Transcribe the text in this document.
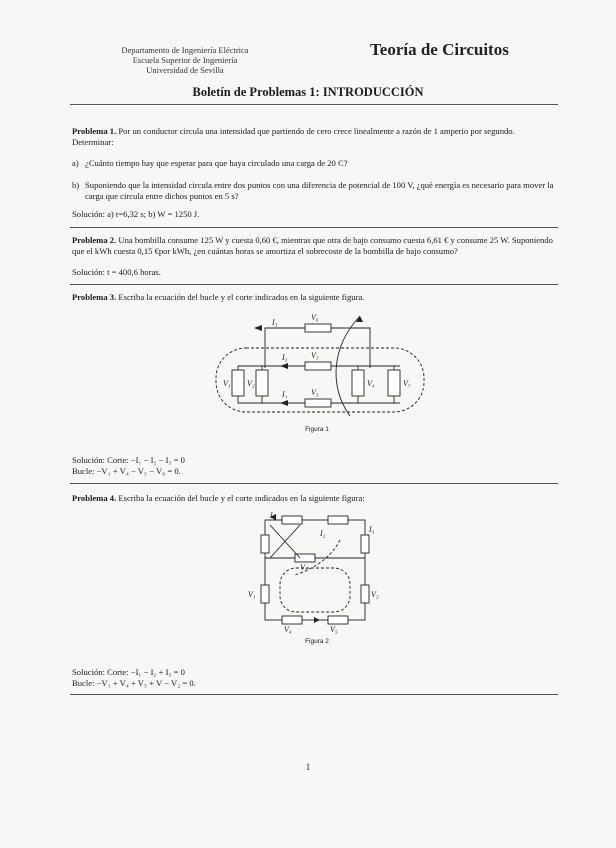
Departamento de Ingeniería Eléctrica
Escuela Superior de Ingeniería
Universidad de Sevilla
Teoría de Circuitos
Boletín de Problemas 1: INTRODUCCIÓN
Problema 1. Por un conductor circula una intensidad que partiendo de cero crece linealmente a razón de 1 amperio por segundo. Determinar:
a) ¿Cuánto tiempo hay que esperar para que haya circulado una carga de 20 C?
b) Suponiendo que la intensidad circula entre dos puntos con una diferencia de potencial de 100 V, ¿qué energía es necesario para mover la carga que circula entre dichos puntos en 5 s?
Solución: a) t=6,32 s; b) W = 1250 J.
Problema 2. Una bombilla consume 125 W y cuesta 0,60 €, mientras que otra de bajo consumo cuesta 6,61 € y consume 25 W. Suponiendo que el kWh cuesta 0,15 €por kWh, ¿en cuántas horas se amortiza el sobrecoste de la bombilla de bajo consumo?
Solución: t = 400,6 horas.
Problema 3. Escriba la ecuación del bucle y el corte indicados en la siguiente figura.
I₃
V₆
I₂	V₃
V₁ V₂
I₁	V₅
V₄	V₇
Figura 1
Solución: Corte: −I₁ − I₂ − I₃ = 0
Bucle: −V₁ + V₄ − V₅ − V₆ = 0.
Problema 4. Escriba la ecuación del bucle y el corte indicados en la siguiente figura:
I₁
I₂	I₃
V₃
V₁	V₂
V₄	V₅
Figura 2
Solución: Corte: −I₁ − I₂ + I₃ = 0
Bucle: −V₁ + V₄ + V₅ + V − V₂ = 0.
1
